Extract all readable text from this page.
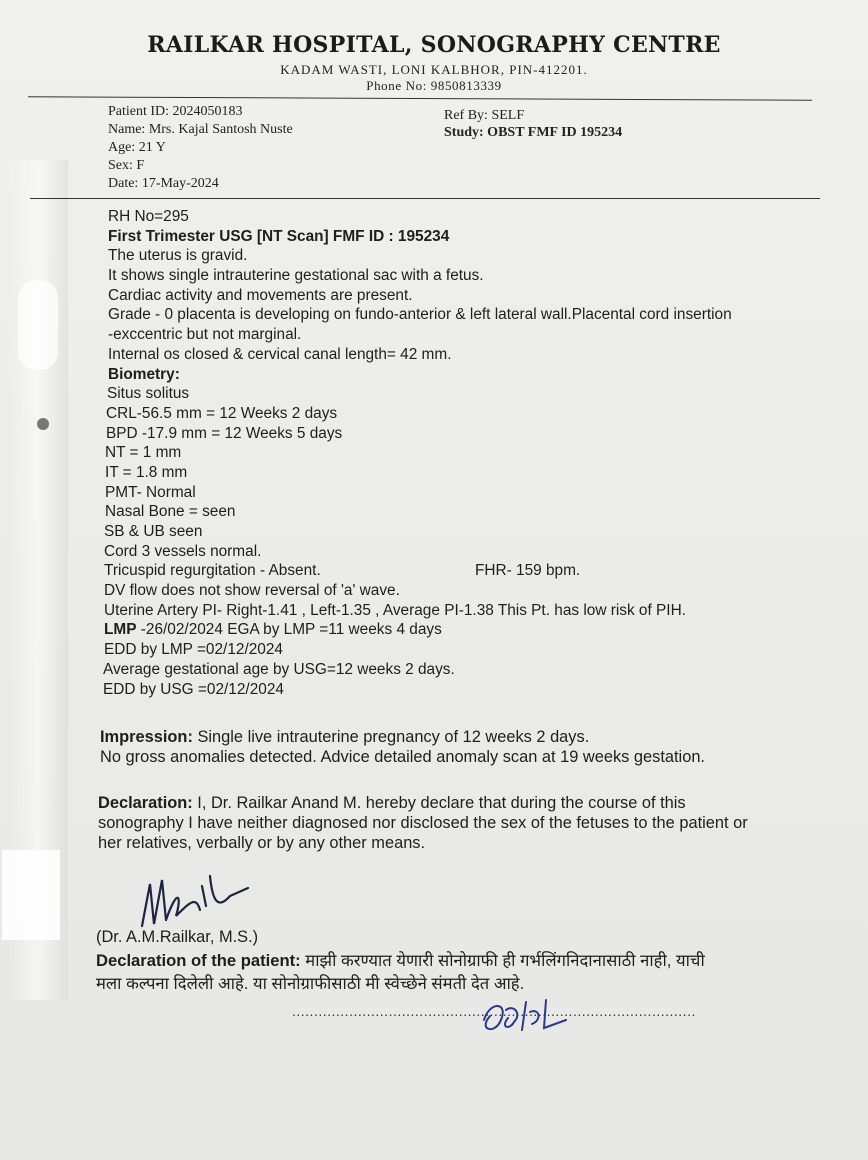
RAILKAR HOSPITAL, SONOGRAPHY CENTRE
KADAM WASTI, LONI KALBHOR, PIN-412201.
Phone No: 9850813339
Patient ID: 2024050183
Name: Mrs. Kajal Santosh Nuste
Age: 21 Y
Sex: F
Date: 17-May-2024
Ref By: SELF
Study: OBST FMF ID 195234
RH No=295
First Trimester USG [NT Scan] FMF ID : 195234
The uterus is gravid.
It shows single intrauterine gestational sac with a fetus.
Cardiac activity and movements are present.
Grade - 0 placenta is developing on fundo-anterior & left lateral wall.Placental cord insertion
-exccentric but not marginal.
Internal os closed & cervical canal length= 42 mm.
Biometry:
Situs solitus
CRL-56.5 mm = 12 Weeks 2 days
BPD -17.9 mm = 12 Weeks 5 days
NT = 1 mm
IT = 1.8 mm
PMT- Normal
Nasal Bone = seen
SB & UB seen
Cord 3 vessels normal.
Tricuspid regurgitation - Absent.	FHR- 159 bpm.
DV flow does not show reversal of 'a' wave.
Uterine Artery PI- Right-1.41 , Left-1.35 , Average PI-1.38 This Pt. has low risk of PIH.
LMP -26/02/2024 EGA by LMP =11 weeks 4 days
EDD by LMP =02/12/2024
Average gestational age by USG=12 weeks 2 days.
EDD by USG =02/12/2024
Impression: Single live intrauterine pregnancy of 12 weeks 2 days.
No gross anomalies detected. Advice detailed anomaly scan at 19 weeks gestation.
Declaration: I, Dr. Railkar Anand M. hereby declare that during the course of this
sonography I have neither diagnosed nor disclosed the sex of the fetuses to the patient or
her relatives, verbally or by any other means.
(Dr. A.M.Railkar, M.S.)
Declaration of the patient: माझी करण्यात येणारी सोनोग्राफी ही गर्भलिंगनिदानासाठी नाही, याची
मला कल्पना दिलेली आहे. या सोनोग्राफीसाठी मी स्वेच्छेने संमती देत आहे.
............................................................................................
